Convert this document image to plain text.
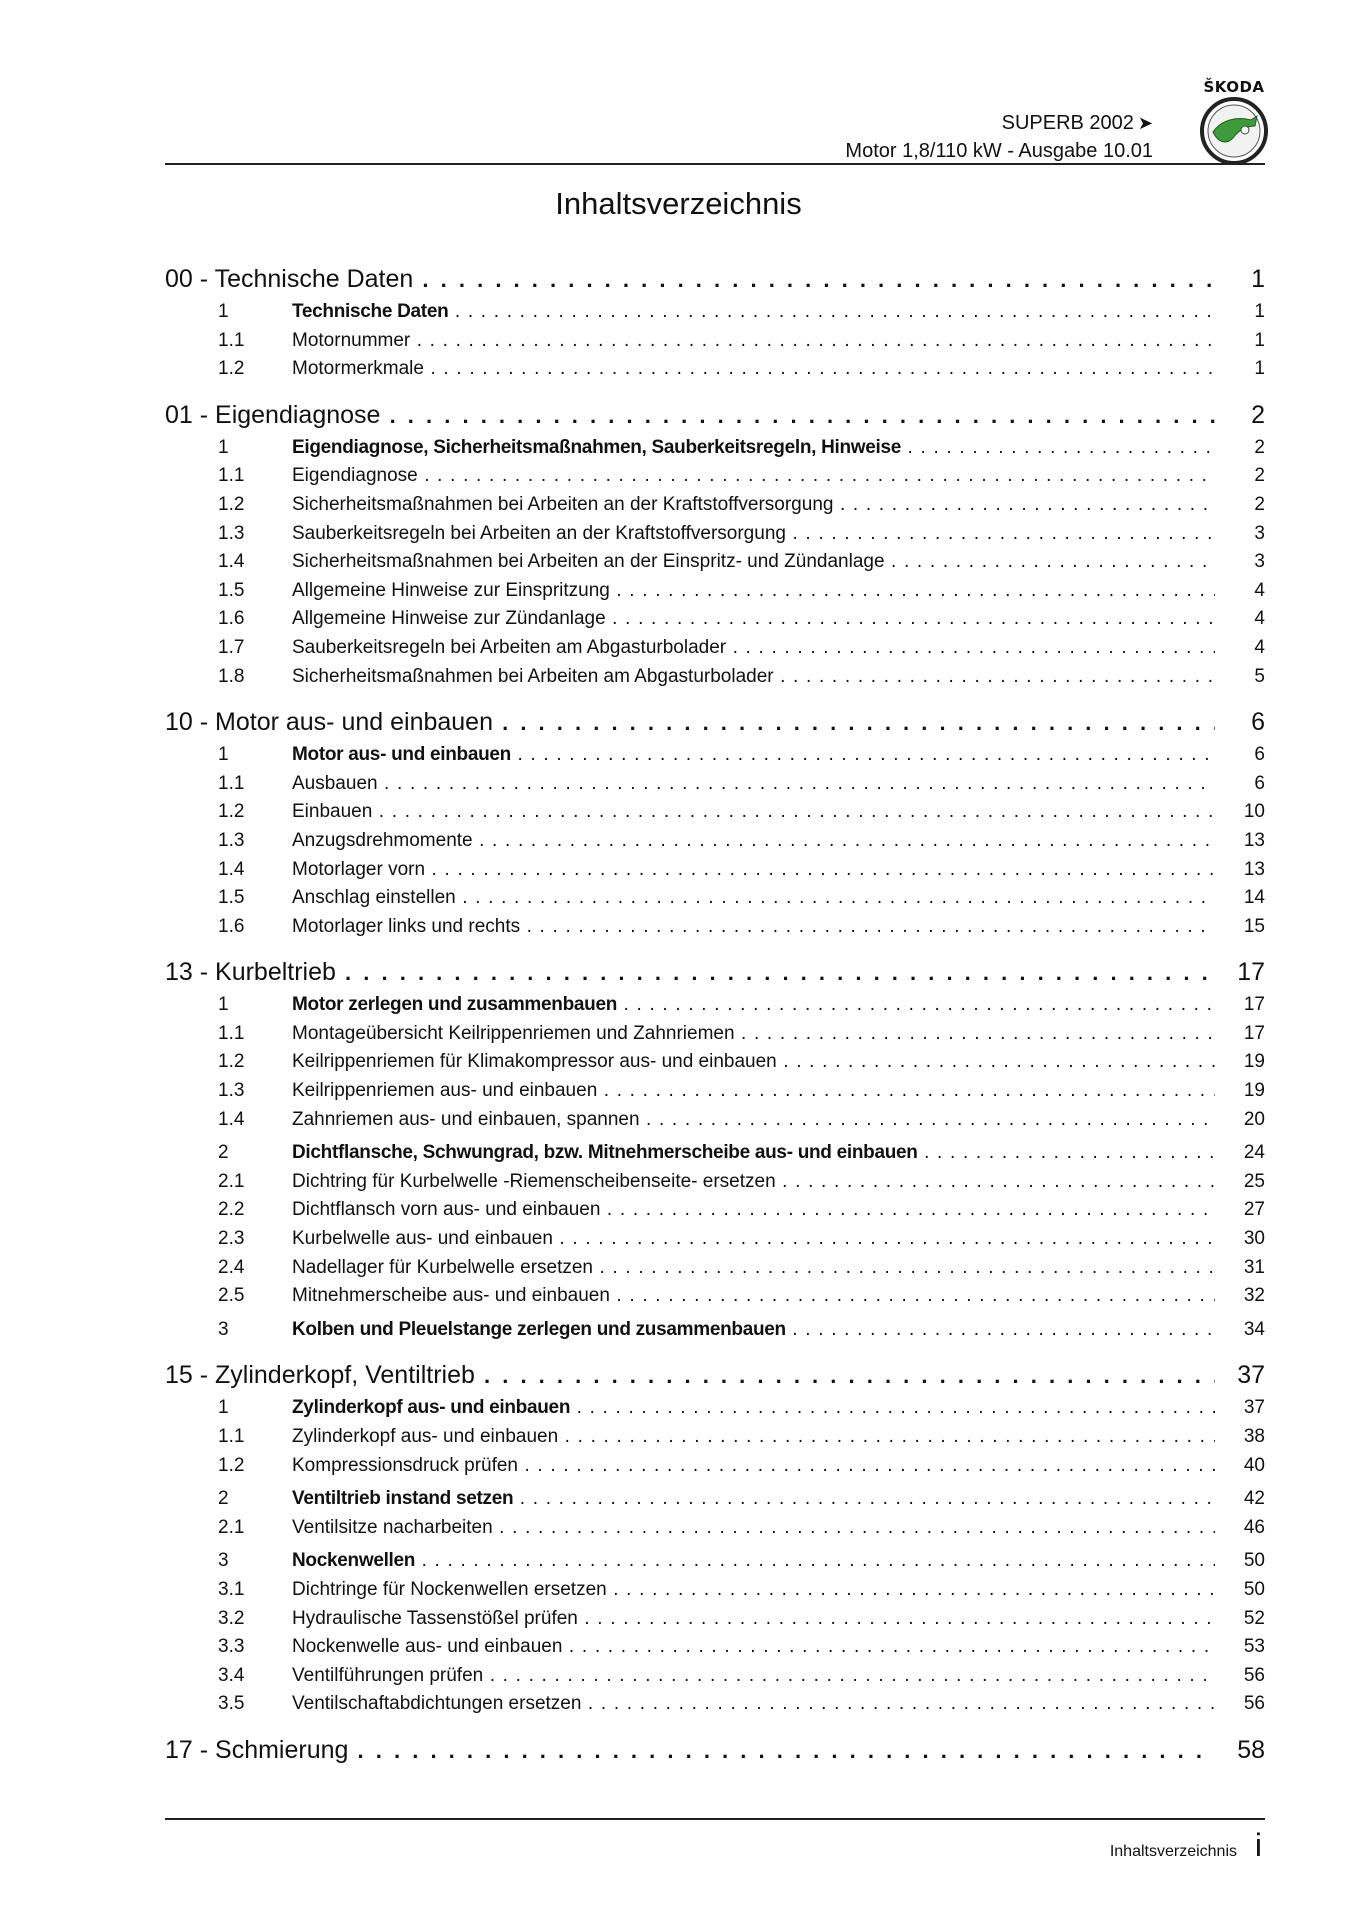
ŠKODA
SUPERB 2002 ➤
Motor 1,8/110 kW - Ausgabe 10.01
Inhaltsverzeichnis
00 - Technische Daten . . .	1
1	Technische Daten . . .	1
1.1	Motornummer . . .	1
1.2	Motormerkmale . . .	1
01 - Eigendiagnose . . .	2
1	Eigendiagnose, Sicherheitsmaßnahmen, Sauberkeitsregeln, Hinweise . . .	2
1.1	Eigendiagnose . . .	2
1.2	Sicherheitsmaßnahmen bei Arbeiten an der Kraftstoffversorgung . . .	2
1.3	Sauberkeitsregeln bei Arbeiten an der Kraftstoffversorgung . . .	3
1.4	Sicherheitsmaßnahmen bei Arbeiten an der Einspritz- und Zündanlage . . .	3
1.5	Allgemeine Hinweise zur Einspritzung . . .	4
1.6	Allgemeine Hinweise zur Zündanlage . . .	4
1.7	Sauberkeitsregeln bei Arbeiten am Abgasturbolader . . .	4
1.8	Sicherheitsmaßnahmen bei Arbeiten am Abgasturbolader . . .	5
10 - Motor aus- und einbauen . . .	6
1	Motor aus- und einbauen . . .	6
1.1	Ausbauen . . .	6
1.2	Einbauen . . .	10
1.3	Anzugsdrehmomente . . .	13
1.4	Motorlager vorn . . .	13
1.5	Anschlag einstellen . . .	14
1.6	Motorlager links und rechts . . .	15
13 - Kurbeltrieb . . .	17
1	Motor zerlegen und zusammenbauen . . .	17
1.1	Montageübersicht Keilrippenriemen und Zahnriemen . . .	17
1.2	Keilrippenriemen für Klimakompressor aus- und einbauen . . .	19
1.3	Keilrippenriemen aus- und einbauen . . .	19
1.4	Zahnriemen aus- und einbauen, spannen . . .	20
2	Dichtflansche, Schwungrad, bzw. Mitnehmerscheibe aus- und einbauen . . .	24
2.1	Dichtring für Kurbelwelle -Riemenscheibenseite- ersetzen . . .	25
2.2	Dichtflansch vorn aus- und einbauen . . .	27
2.3	Kurbelwelle aus- und einbauen . . .	30
2.4	Nadellager für Kurbelwelle ersetzen . . .	31
2.5	Mitnehmerscheibe aus- und einbauen . . .	32
3	Kolben und Pleuelstange zerlegen und zusammenbauen . . .	34
15 - Zylinderkopf, Ventiltrieb . . .	37
1	Zylinderkopf aus- und einbauen . . .	37
1.1	Zylinderkopf aus- und einbauen . . .	38
1.2	Kompressionsdruck prüfen . . .	40
2	Ventiltrieb instand setzen . . .	42
2.1	Ventilsitze nacharbeiten . . .	46
3	Nockenwellen . . .	50
3.1	Dichtringe für Nockenwellen ersetzen . . .	50
3.2	Hydraulische Tassenstößel prüfen . . .	52
3.3	Nockenwelle aus- und einbauen . . .	53
3.4	Ventilführungen prüfen . . .	56
3.5	Ventilschaftabdichtungen ersetzen . . .	56
17 - Schmierung . . .	58
Inhaltsverzeichnis i
